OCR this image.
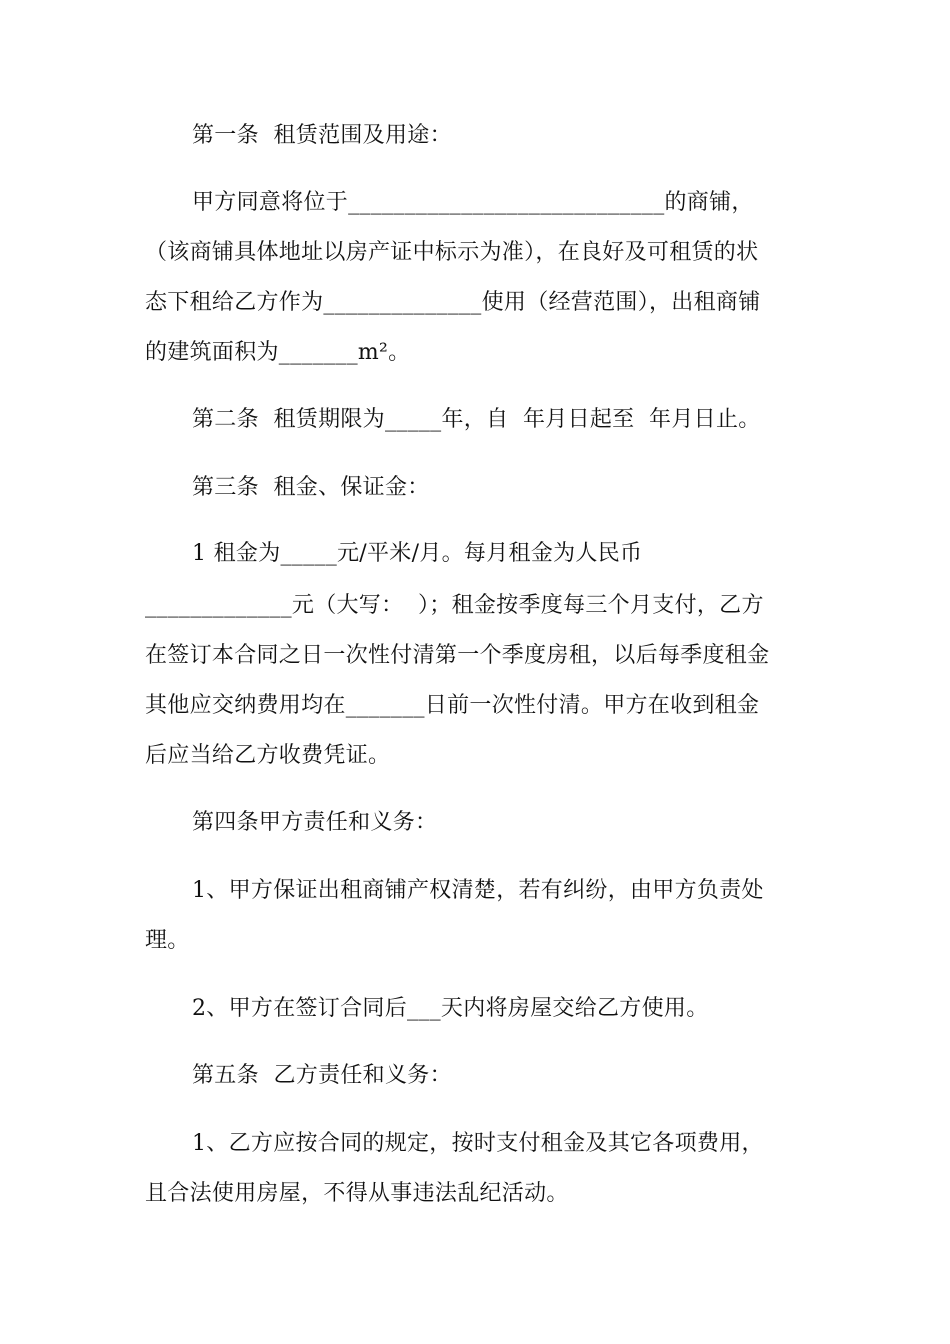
第一条  租赁范围及用途：
甲方同意将位于____________________________的商铺，
（该商铺具体地址以房产证中标示为准），在良好及可租赁的状
态下租给乙方作为______________使用（经营范围），出租商铺
的建筑面积为_______m²。
第二条  租赁期限为_____年，自  年月日起至  年月日止。
第三条  租金、保证金：
1 租金为_____元/平米/月。每月租金为人民币
_____________元（大写：  ）；租金按季度每三个月支付，乙方
在签订本合同之日一次性付清第一个季度房租，以后每季度租金
其他应交纳费用均在_______日前一次性付清。甲方在收到租金
后应当给乙方收费凭证。
第四条甲方责任和义务：
1、甲方保证出租商铺产权清楚，若有纠纷，由甲方负责处
理。
2、甲方在签订合同后___天内将房屋交给乙方使用。
第五条  乙方责任和义务：
1、乙方应按合同的规定，按时支付租金及其它各项费用，
且合法使用房屋，不得从事违法乱纪活动。
